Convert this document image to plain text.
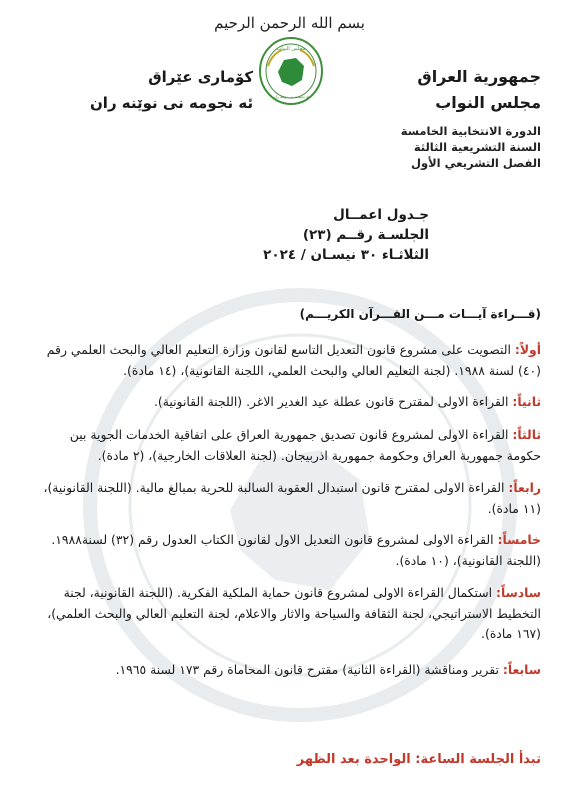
بسم الله الرحمن الرحيم
جمهورية العراق
مجلس النواب
كۆماری عێراق
ئه نجومه نی نوێنه ران
مجلس النواب
ئه نجومه نی نوێنه ران
الدورة الانتخابية الخامسة
السنة التشريعية الثالثة
الفصل التشريعي الأول
جـدول اعمــال
الجلسـة رقــم (٢٣)
الثلاثـاء ٣٠ نيسـان / ٢٠٢٤
(قـــراءة آيـــات مـــن القـــرآن الكريـــم)
أولاً: التصويت على مشروع قانون التعديل التاسع لقانون وزارة التعليم العالي والبحث العلمي رقم (٤٠) لسنة ١٩٨٨. (لجنة التعليم العالي والبحث العلمي، اللجنة القانونية)، (١٤ مادة).
ثانياً: القراءة الاولى لمقترح قانون عطلة عيد الغدير الاغر. (اللجنة القانونية).
ثالثاً: القراءة الاولى لمشروع قانون تصديق جمهورية العراق على اتفاقية الخدمات الجوية بين حكومة جمهورية العراق وحكومة جمهورية اذربيجان. (لجنة العلاقات الخارجية)، (٢ مادة).
رابعاً: القراءة الاولى لمقترح قانون استبدال العقوبة السالبة للحرية بمبالغ مالية. (اللجنة القانونية)، (١١ مادة).
خامساً: القراءة الاولى لمشروع قانون التعديل الاول لقانون الكتاب العدول رقم (٣٢) لسنة١٩٨٨. (اللجنة القانونية)، (١٠ مادة).
سادساً: استكمال القراءة الاولى لمشروع قانون حماية الملكية الفكرية. (اللجنة القانونية، لجنة التخطيط الاستراتيجي، لجنة الثقافة والسياحة والاثار والاعلام، لجنة التعليم العالي والبحث العلمي)، (١٦٧ مادة).
سابعاً: تقرير ومناقشة (القراءة الثانية) مقترح قانون المحاماة رقم ١٧٣ لسنة ١٩٦٥.
تبدأ الجلسة الساعة: الواحدة بعد الظهر
